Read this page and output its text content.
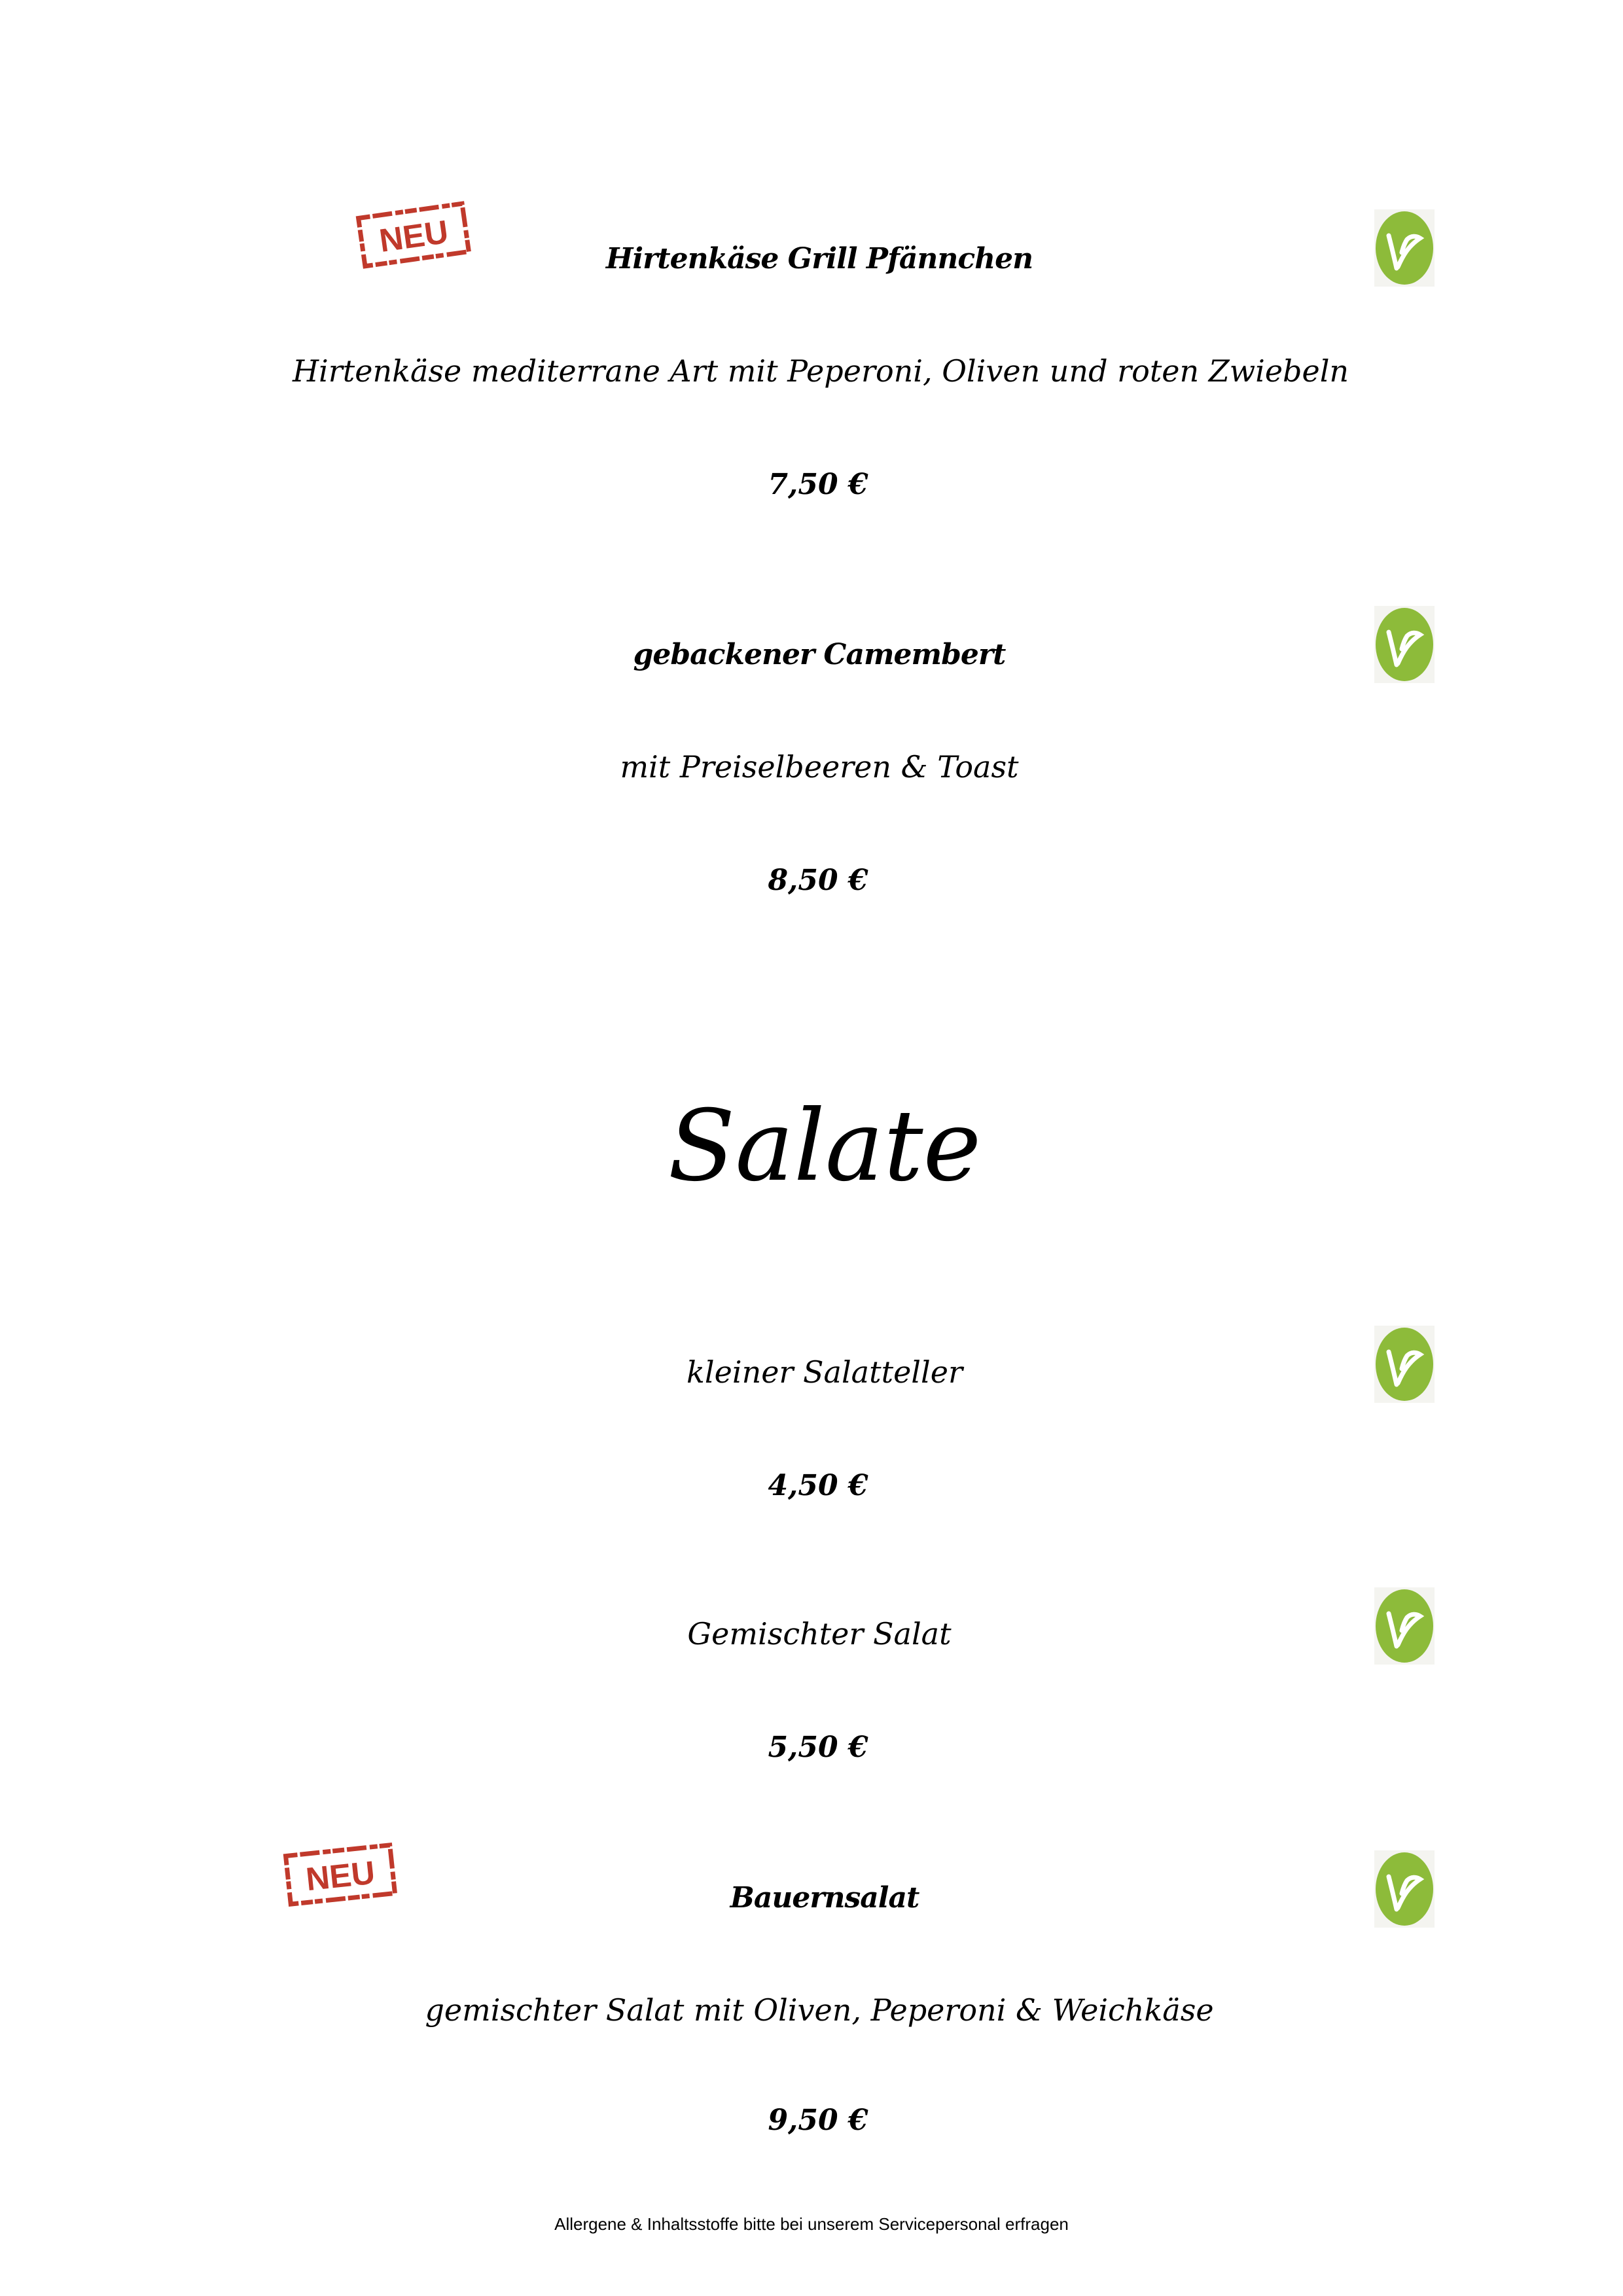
NEU	Hirtenkäse Grill Pfännchen
Hirtenkäse mediterrane Art mit Peperoni, Oliven und roten Zwiebeln
7,50 €
gebackener Camembert
mit Preiselbeeren & Toast
8,50 €
Salate
kleiner Salatteller
4,50 €
Gemischter Salat
5,50 €
NEU
Bauernsalat
gemischter Salat mit Oliven, Peperoni & Weichkäse
9,50 €
Allergene & Inhaltsstoffe bitte bei unserem Servicepersonal erfragen
